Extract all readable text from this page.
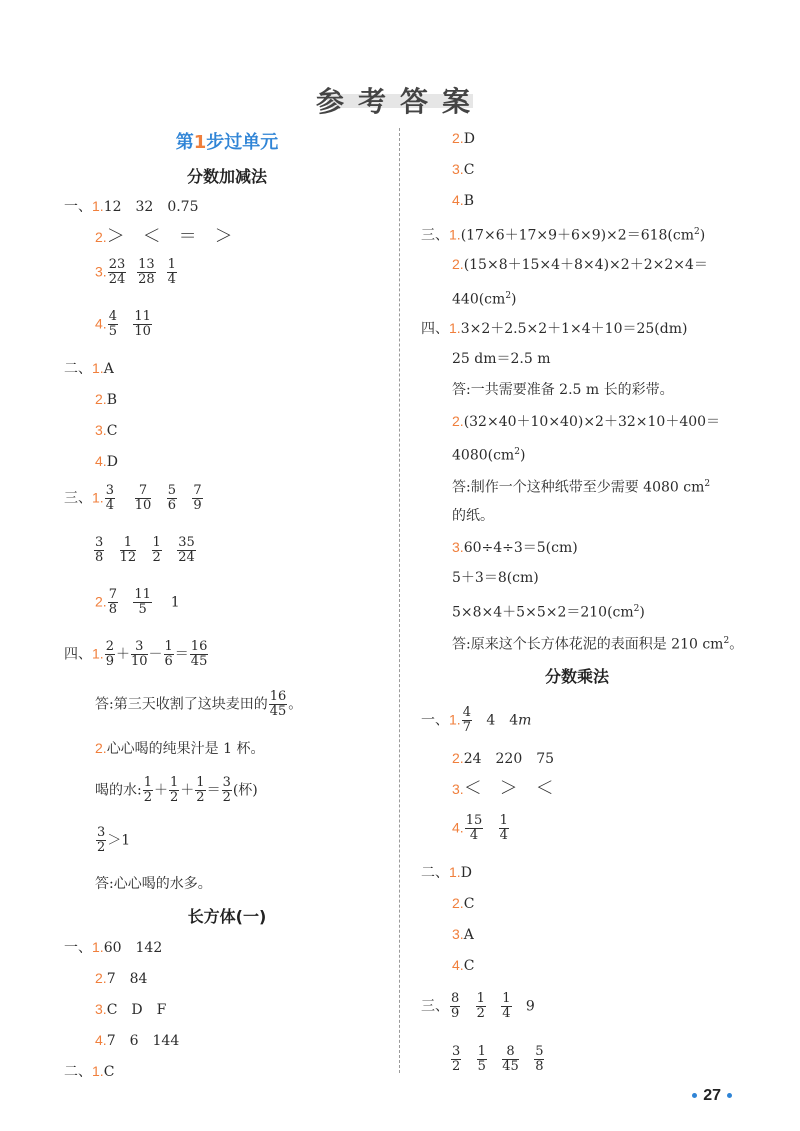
参考答案
第1步过单元
分数加减法
一、1.12　32　0.75
2.＞　＜　＝　＞
3. $\frac{23}{24}$
$\frac{13}{28}$
$\frac{1}{4}$
4. $\frac{4}{5}$
$\frac{11}{10}$
二、1.A
2.B
3.C
4.D
三、1. $\frac{3}{4}$
$\frac{7}{10}$
$\frac{5}{6}$
$\frac{7}{9}$
$\frac{3}{8}$
$\frac{1}{12}$
$\frac{1}{2}$
$\frac{35}{24}$
2. $\frac{7}{8}$
$\frac{11}{5} 1$
四、1. $\frac{2}{9} + \frac{3}{10} - \frac{1}{6} = \frac{16}{45}$
答:第三天收割了这块麦田的 $\frac{16}{45}$ 。
2.心心喝的纯果汁是 1 杯。
喝的水: $\frac{1}{2} + \frac{1}{2} + \frac{1}{2} = \frac{3}{2}$ (杯)
$\frac{3}{2} >1$
答:心心喝的水多。
长方体(一)
一、1.60　142
2.7　84
3.C　D　F
4.7　6　144
二、1.C
2.D
3.C
4.B
三、$1.(17\times 6+17\times 9+6\times 9)\times 2=618(cm^2)$
2.(15×8＋15×4＋8×4)×2＋2×2×4＝
$440(cm^2)$
四、1.3×2＋2.5×2＋1×4＋10＝25(dm)
25 dm＝2.5 m
答:一共需要准备 2.5 m 长的彩带。
2.(32×40＋10×40)×2＋32×10＋400＝
$4080(cm^2)$
答:制作一个这种纸带至少需要 4080 $cm^2$
的纸。
3.60÷4÷3＝5(cm)
5＋3＝8(cm)
$5\times 8\times 4+5\times 5\times 2=210(cm^2)$
答:原来这个长方体花泥的表面积是 210 $cm^2$。
分数乘法
一、1. $\frac{4}{7} 4$　4m
2.24　220　75
3.＜　＞　＜
4. $\frac{15}{4}$
$\frac{1}{4}$
二、1.D
2.C
3.A
4.C
三、 $\frac{8}{9}$
$\frac{1}{2}$
$\frac{1}{4} 9$
$\frac{3}{2}$
$\frac{1}{5}$
$\frac{8}{45}$
$\frac{5}{8}$
27
